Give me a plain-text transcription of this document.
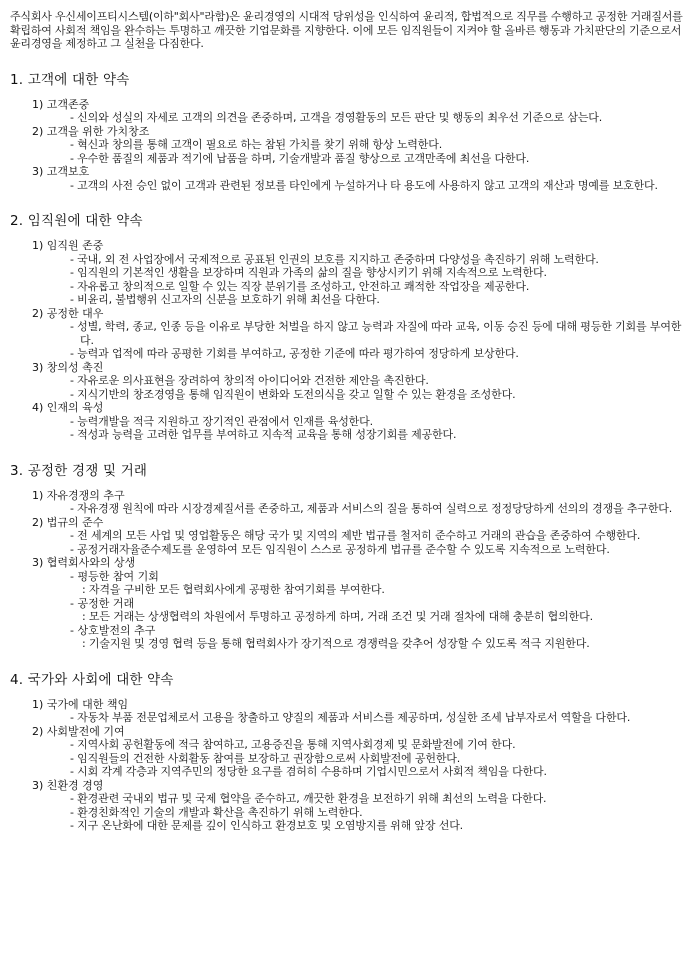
주식회사 우신세이프티시스템(이하"회사"라함)은 윤리경영의 시대적 당위성을 인식하여 윤리적, 합법적으로 직무를 수행하고 공정한 거래질서를 확립하여 사회적 책임을 완수하는 투명하고 깨끗한 기업문화를 지향한다. 이에 모든 임직원들이 지켜야 할 올바른 행동과 가치판단의 기준으로서 윤리경영을 제정하고 그 실천을 다짐한다.

1. 고객에 대한 약속

1) 고객존중

- 신의와 성실의 자세로 고객의 의견을 존중하며, 고객을 경영활동의 모든 판단 및 행동의 최우선 기준으로 삼는다.

2) 고객을 위한 가치창조

- 혁신과 창의를 통해 고객이 필요로 하는 참된 가치를 찾기 위해 항상 노력한다.

- 우수한 품질의 제품과 적기에 납품을 하며, 기술개발과 품질 향상으로 고객만족에 최선을 다한다.

3) 고객보호

- 고객의 사전 승인 없이 고객과 관련된 정보를 타인에게 누설하거나 타 용도에 사용하지 않고 고객의 재산과 명예를 보호한다.

2. 임직원에 대한 약속

1) 임직원 존중

- 국내, 외 전 사업장에서 국제적으로 공표된 인권의 보호를 지지하고 존중하며 다양성을 촉진하기 위해 노력한다.

- 임직원의 기본적인 생활을 보장하며 직원과 가족의 삶의 질을 향상시키기 위해 지속적으로 노력한다.

- 자유롭고 창의적으로 일할 수 있는 직장 분위기를 조성하고, 안전하고 쾌적한 작업장을 제공한다.

- 비윤리, 불법행위 신고자의 신분을 보호하기 위해 최선을 다한다.

2) 공정한 대우

- 성별, 학력, 종교, 인종 등을 이유로 부당한 처벌을 하지 않고 능력과 자질에 따라 교육, 이동 승진 등에 대해 평등한 기회를 부여한다.

- 능력과 업적에 따라 공평한 기회를 부여하고, 공정한 기준에 따라 평가하여 정당하게 보상한다.

3) 창의성 촉진

- 자유로운 의사표현을 장려하여 창의적 아이디어와 건전한 제안을 촉진한다.

- 지식기반의 창조경영을 통해 임직원이 변화와 도전의식을 갖고 일할 수 있는 환경을 조성한다.

4) 인재의 육성

- 능력개발을 적극 지원하고 장기적인 관점에서 인재를 육성한다.

- 적성과 능력을 고려한 업무를 부여하고 지속적 교육을 통해 성장기회를 제공한다.

3. 공정한 경쟁 및 거래

1) 자유경쟁의 추구

- 자유경쟁 원칙에 따라 시장경제질서를 존중하고, 제품과 서비스의 질을 통하여 실력으로 정정당당하게 선의의 경쟁을 추구한다.

2) 법규의 준수

- 전 세계의 모든 사업 및 영업활동은 해당 국가 및 지역의 제반 법규를 철저히 준수하고 거래의 관습을 존중하여 수행한다.

- 공정거래자율준수제도를 운영하여 모든 임직원이 스스로 공정하게 법규를 준수할 수 있도록 지속적으로 노력한다.

3) 협력회사와의 상생

- 평등한 참여 기회

: 자격을 구비한 모든 협력회사에게 공평한 참여기회를 부여한다.

- 공정한 거래

: 모든 거래는 상생협력의 차원에서 투명하고 공정하게 하며, 거래 조건 및 거래 절차에 대해 충분히 협의한다.

- 상호발전의 추구

: 기술지원 및 경영 협력 등을 통해 협력회사가 장기적으로 경쟁력을 갖추어 성장할 수 있도록 적극 지원한다.

4. 국가와 사회에 대한 약속

1) 국가에 대한 책임

- 자동차 부품 전문업체로서 고용을 창출하고 양질의 제품과 서비스를 제공하며, 성실한 조세 납부자로서 역할을 다한다.

2) 사회발전에 기여

- 지역사회 공헌활동에 적극 참여하고, 고용증진을 통해 지역사회경제 및 문화발전에 기여 한다.

- 임직원들의 건전한 사회활동 참여를 보장하고 권장함으로써 사회발전에 공헌한다.

- 시회 각계 각층과 지역주민의 정당한 요구를 겸허히 수용하며 기업시민으로서 사회적 책임을 다한다.

3) 친환경 경영

- 환경관련 국내외 법규 및 국제 협약을 준수하고, 깨끗한 환경을 보전하기 위해 최선의 노력을 다한다.

- 환경친화적인 기술의 개발과 확산을 촉진하기 위해 노력한다.

- 지구 온난화에 대한 문제를 깊이 인식하고 환경보호 및 오염방지를 위해 앞장 선다.
